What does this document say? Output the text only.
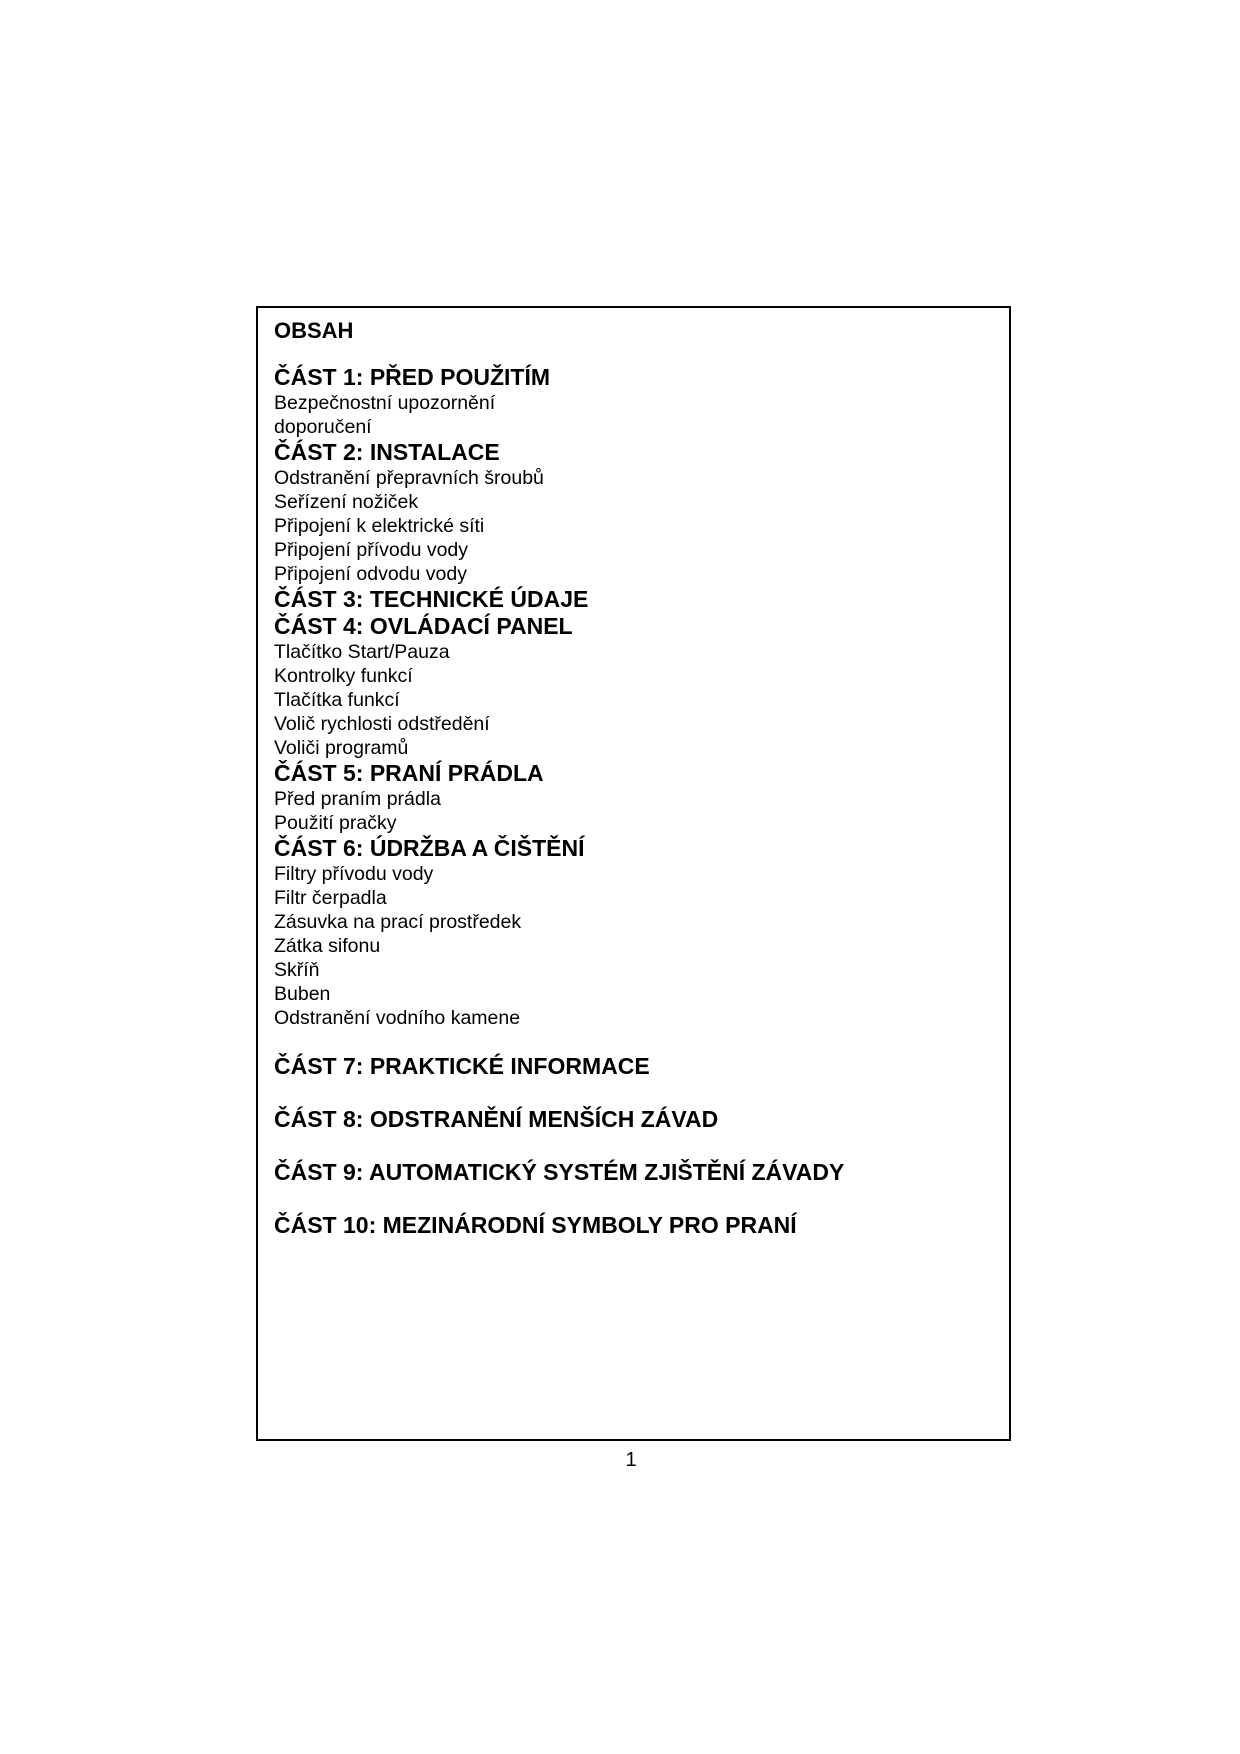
OBSAH
ČÁST 1: PŘED POUŽITÍM
Bezpečnostní upozornění
doporučení
ČÁST 2: INSTALACE
Odstranění přepravních šroubů
Seřízení nožiček
Připojení k elektrické síti
Připojení přívodu vody
Připojení odvodu vody
ČÁST 3: TECHNICKÉ ÚDAJE
ČÁST 4: OVLÁDACÍ PANEL
Tlačítko Start/Pauza
Kontrolky funkcí
Tlačítka funkcí
Volič rychlosti odstředění
Voliči programů
ČÁST 5: PRANÍ PRÁDLA
Před praním prádla
Použití pračky
ČÁST 6: ÚDRŽBA A ČIŠTĚNÍ
Filtry přívodu vody
Filtr čerpadla
Zásuvka na prací prostředek
Zátka sifonu
Skříň
Buben
Odstranění vodního kamene
ČÁST 7: PRAKTICKÉ INFORMACE
ČÁST 8: ODSTRANĚNÍ MENŠÍCH ZÁVAD
ČÁST 9: AUTOMATICKÝ SYSTÉM ZJIŠTĚNÍ ZÁVADY
ČÁST 10: MEZINÁRODNÍ SYMBOLY PRO PRANÍ
1
